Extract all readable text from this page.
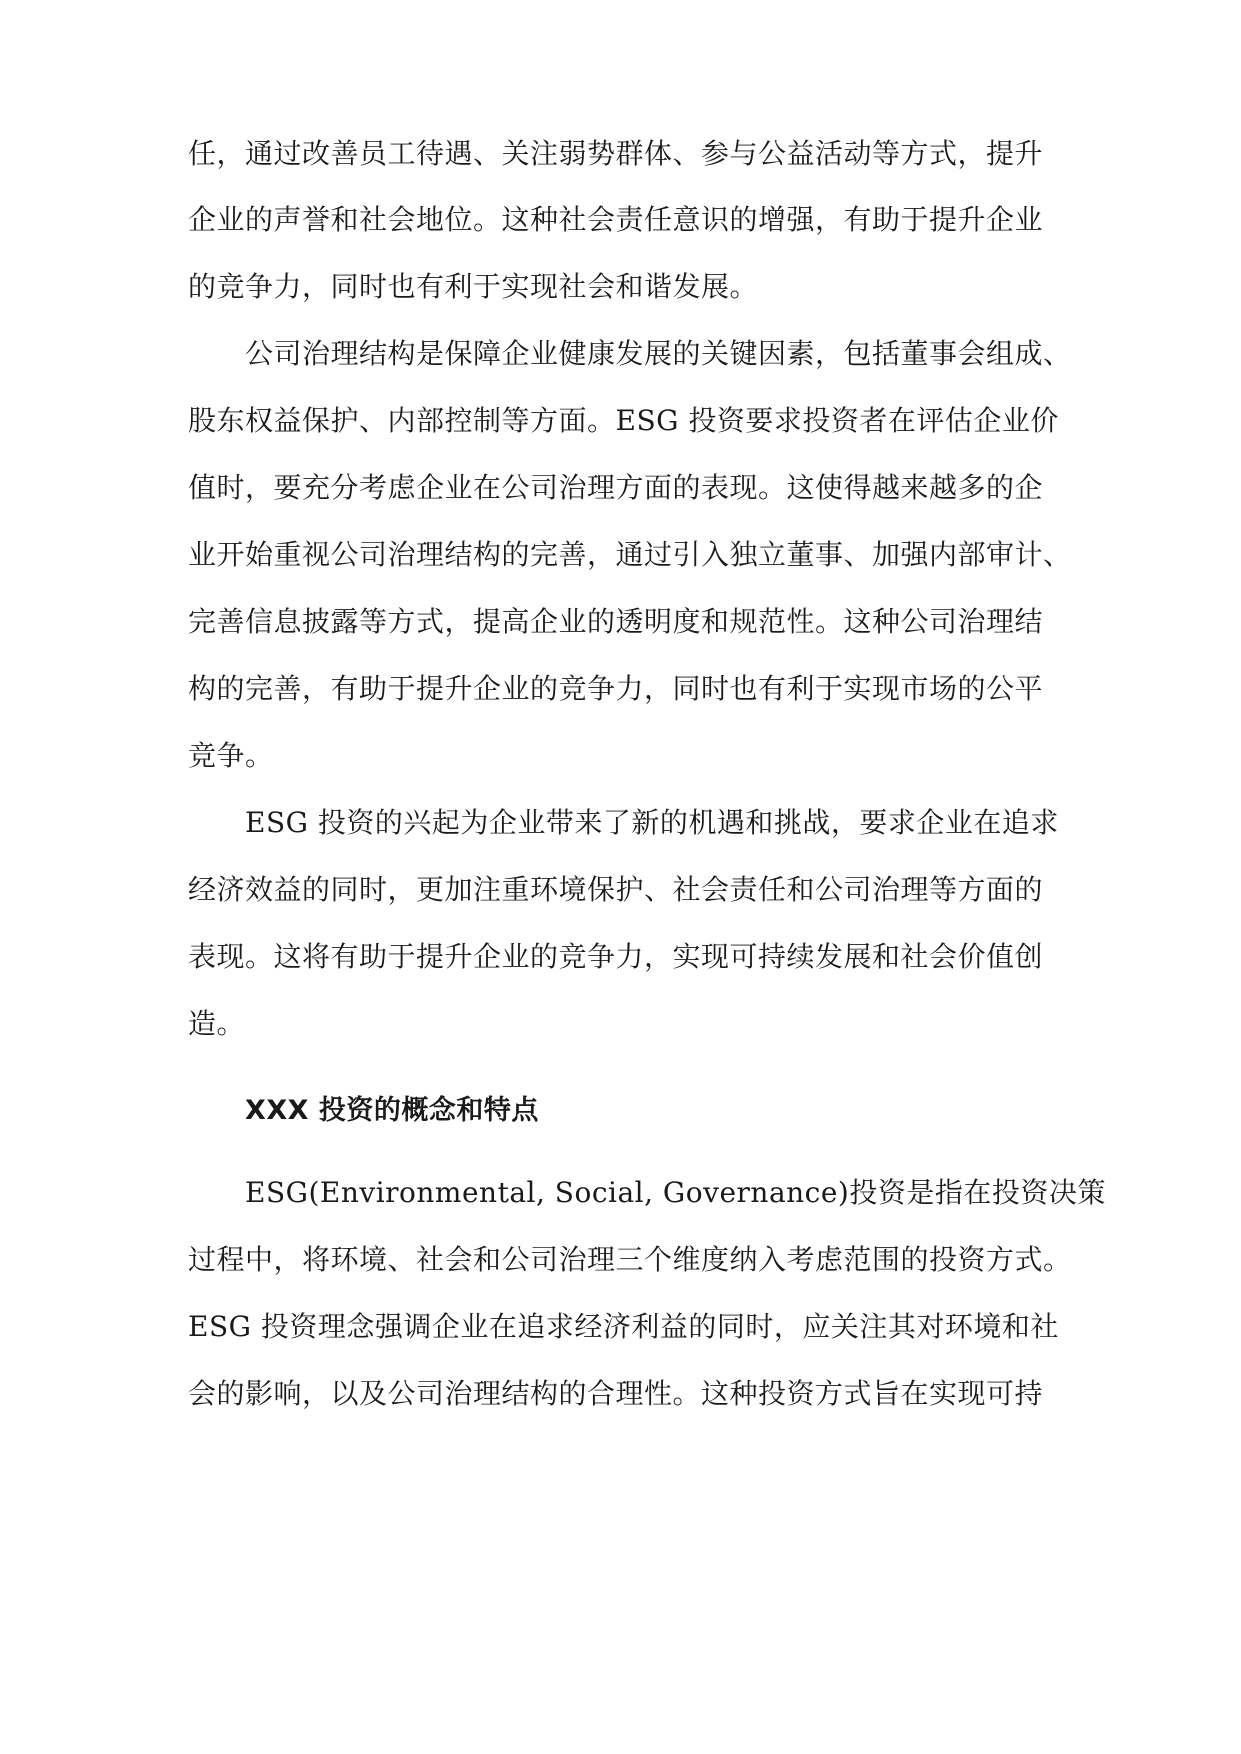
任，通过改善员工待遇、关注弱势群体、参与公益活动等方式，提升

企业的声誉和社会地位。这种社会责任意识的增强，有助于提升企业

的竞争力，同时也有利于实现社会和谐发展。

公司治理结构是保障企业健康发展的关键因素，包括董事会组成、

股东权益保护、内部控制等方面。ESG 投资要求投资者在评估企业价

值时，要充分考虑企业在公司治理方面的表现。这使得越来越多的企

业开始重视公司治理结构的完善，通过引入独立董事、加强内部审计、

完善信息披露等方式，提高企业的透明度和规范性。这种公司治理结

构的完善，有助于提升企业的竞争力，同时也有利于实现市场的公平

竞争。

ESG 投资的兴起为企业带来了新的机遇和挑战，要求企业在追求

经济效益的同时，更加注重环境保护、社会责任和公司治理等方面的

表现。这将有助于提升企业的竞争力，实现可持续发展和社会价值创

造。

XXX 投资的概念和特点

ESG(Environmental, Social, Governance)投资是指在投资决策

过程中，将环境、社会和公司治理三个维度纳入考虑范围的投资方式。

ESG 投资理念强调企业在追求经济利益的同时，应关注其对环境和社

会的影响，以及公司治理结构的合理性。这种投资方式旨在实现可持
